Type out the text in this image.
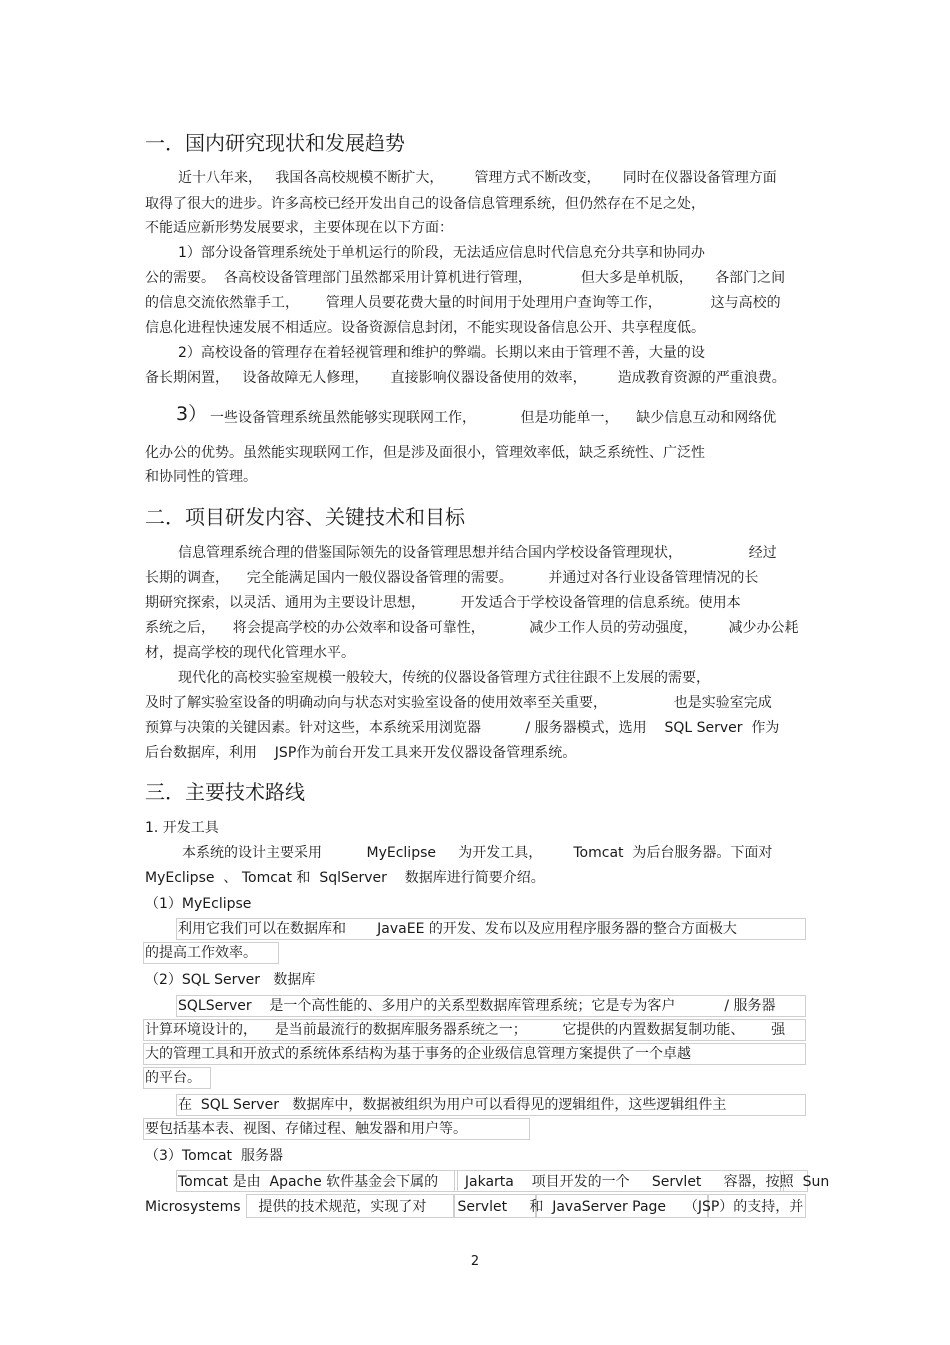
一．国内研究现状和发展趋势
近十八年来，   我国各高校规模不断扩大，       管理方式不断改变，     同时在仪器设备管理方面
取得了很大的进步。许多高校已经开发出自己的设备信息管理系统，但仍然存在不足之处，
不能适应新形势发展要求，主要体现在以下方面：
1）部分设备管理系统处于单机运行的阶段，无法适应信息时代信息充分共享和协同办
公的需要。  各高校设备管理部门虽然都采用计算机进行管理，           但大多是单机版，     各部门之间
的信息交流依然靠手工，      管理人员要花费大量的时间用于处理用户查询等工作，           这与高校的
信息化进程快速发展不相适应。设备资源信息封闭，不能实现设备信息公开、共享程度低。
2）高校设备的管理存在着轻视管理和维护的弊端。长期以来由于管理不善，大量的设
备长期闲置，   设备故障无人修理，     直接影响仪器设备使用的效率，       造成教育资源的严重浪费。
3） 一些设备管理系统虽然能够实现联网工作，          但是功能单一，    缺少信息互动和网络优
化办公的优势。虽然能实现联网工作，但是涉及面很小，管理效率低，缺乏系统性、广泛性
和协同性的管理。
二．项目研发内容、关键技术和目标
信息管理系统合理的借鉴国际领先的设备管理思想并结合国内学校设备管理现状，               经过
长期的调查，    完全能满足国内一般仪器设备管理的需要。        并通过对各行业设备管理情况的长
期研究探索，以灵活、通用为主要设计思想，        开发适合于学校设备管理的信息系统。使用本
系统之后，    将会提高学校的办公效率和设备可靠性，          减少工作人员的劳动强度，       减少办公耗
材，提高学校的现代化管理水平。
现代化的高校实验室规模一般较大，传统的仪器设备管理方式往往跟不上发展的需要，
及时了解实验室设备的明确动向与状态对实验室设备的使用效率至关重要，               也是实验室完成
预算与决策的关键因素。针对这些，本系统采用浏览器          / 服务器模式，选用    SQL Server  作为
后台数据库，利用    JSP作为前台开发工具来开发仪器设备管理系统。
三．主要技术路线
1. 开发工具
本系统的设计主要采用          MyEclipse     为开发工具，       Tomcat  为后台服务器。下面对
MyEclipse  、 Tomcat 和  SqlServer    数据库进行简要介绍。
（1）MyEclipse
利用它我们可以在数据库和       JavaEE 的开发、发布以及应用程序服务器的整合方面极大
的提高工作效率。
（2）SQL Server   数据库
SQLServer    是一个高性能的、多用户的关系型数据库管理系统；它是专为客户           / 服务器
计算环境设计的，    是当前最流行的数据库服务器系统之一；        它提供的内置数据复制功能、      强
大的管理工具和开放式的系统体系结构为基于事务的企业级信息管理方案提供了一个卓越
的平台。
在  SQL Server   数据库中，数据被组织为用户可以看得见的逻辑组件，这些逻辑组件主
要包括基本表、视图、存储过程、触发器和用户等。
（3）Tomcat  服务器
Tomcat 是由  Apache 软件基金会下属的      Jakarta    项目开发的一个     Servlet     容器，按照  Sun
Microsystems    提供的技术规范，实现了对       Servlet     和  JavaServer Page    （JSP）的支持，并
2
